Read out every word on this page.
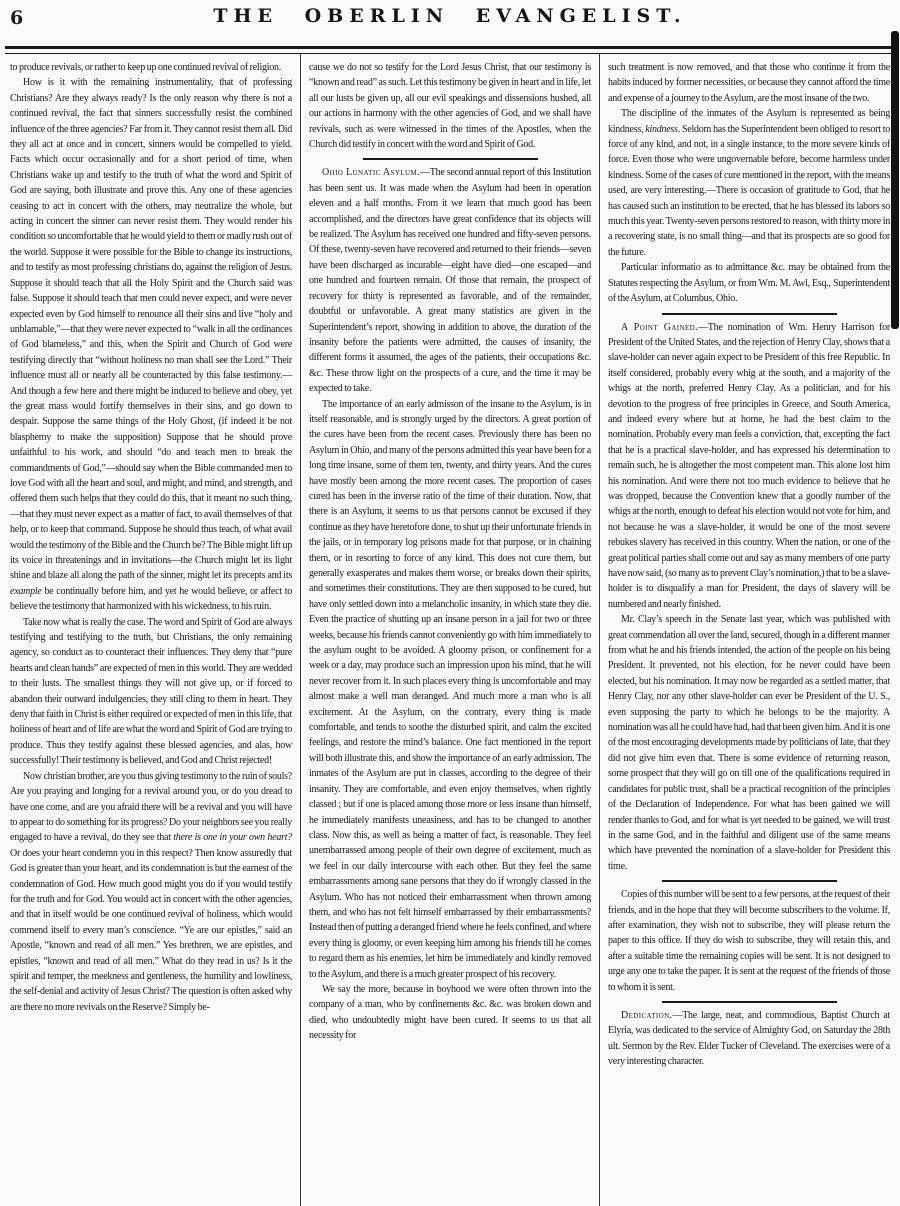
6	THE OBERLIN EVANGELIST.

to produce revivals, or rather to keep up one continued revival of religion.

How is it with the remaining instrumentality, that of professing Christians? Are they always ready? Is the only reason why there is not a continued revival, the fact that sinners successfully resist the combined influence of the three agencies? Far from it. They cannot resist them all. Did they all act at once and in concert, sinners would be compelled to yield. Facts which occur occasionally and for a short period of time, when Christians wake up and testify to the truth of what the word and Spirit of God are saying, both illustrate and prove this. Any one of these agencies ceasing to act in concert with the others, may neutralize the whole, but acting in concert the sinner can never resist them. They would render his condition so uncomfortable that he would yield to them or madly rush out of the world. Suppose it were possible for the Bible to change its instructions, and to testify as most professing christians do, against the religion of Jesus. Suppose it should teach that all the Holy Spirit and the Church said was false. Suppose it should teach that men could never expect, and were never expected even by God himself to renounce all their sins and live “holy and unblamable,”—that they were never expected to “walk in all the ordinances of God blameless,” and this, when the Spirit and Church of God were testifying directly that “without holiness no man shall see the Lord.” Their influence must all or nearly all be counteracted by this false testimony.—And though a few here and there might be induced to believe and obey, yet the great mass would fortify themselves in their sins, and go down to despair. Suppose the same things of the Holy Ghost, (if indeed it be not blasphemy to make the supposition) Suppose that he should prove unfaithful to his work, and should “do and teach men to break the commandments of God,”—should say when the Bible commanded men to love God with all the heart and soul, and might, and mind, and strength, and offered them such helps that they could do this, that it meant no such thing,—that they must never expect as a matter of fact, to avail themselves of that help, or to keep that command. Suppose he should thus teach, of what avail would the testimony of the Bible and the Church be? The Bible might lift up its voice in threatenings and in invitations—the Church might let its light shine and blaze all along the path of the sinner, might let its precepts and its example be continually before him, and yet he would believe, or affect to believe the testimony that harmonized with his wickedness, to his ruin.

Take now what is really the case. The word and Spirit of God are always testifying and testifying to the truth, but Christians, the only remaining agency, so conduct as to counteract their influences. They deny that “pure hearts and clean hands” are expected of men in this world. They are wedded to their lusts. The smallest things they will not give up, or if forced to abandon their outward indulgencies, they still cling to them in heart. They deny that faith in Christ is either required or expected of men in this life, that holiness of heart and of life are what the word and Spirit of God are trying to produce. Thus they testify against these blessed agencies, and alas, how successfully! Their testimony is believed, and God and Christ rejected!

Now christian brother, are you thus giving testimony to the ruin of souls? Are you praying and longing for a revival around you, or do you dread to have one come, and are you afraid there will be a revival and you will have to appear to do something for its progress? Do your neighbors see you really engaged to have a revival, do they see that there is one in your own heart? Or does your heart condemn you in this respect? Then know assuredly that God is greater than your heart, and its condemnation is but the earnest of the condemnation of God. How much good might you do if you would testify for the truth and for God. You would act in concert with the other agencies, and that in itself would be one continued revival of holiness, which would commend itself to every man’s conscience. “Ye are our epistles,” said an Apostle, “known and read of all men.” Yes brethren, we are epistles, and epistles, “known and read of all men.” What do they read in us? Is it the spirit and temper, the meekness and gentleness, the humility and lowliness, the self-denial and activity of Jesus Christ? The question is often asked why are there no more revivals on the Reserve? Simply be-

cause we do not so testify for the Lord Jesus Christ, that our testimony is “known and read” as such. Let this testimony be given in heart and in life, let all our lusts be given up, all our evil speakings and dissensions hushed, all our actions in harmony with the other agencies of God, and we shall have revivals, such as were witnessed in the times of the Apostles, when the Church did testify in concert with the word and Spirit of God.

Ohio Lunatic Asylum.—The second annual report of this Institution has been sent us. It was made when the Asylum had been in operation eleven and a half months. From it we learn that much good has been accomplished, and the directors have great confidence that its objects will be realized. The Asylum has received one hundred and fifty-seven persons. Of these, twenty-seven have recovered and returned to their friends—seven have been discharged as incurable—eight have died—one escaped—and one hundred and fourteen remain. Of those that remain, the prospect of recovery for thirty is represented as favorable, and of the remainder, doubtful or unfavorable. A great many statistics are given in the Superintendent’s report, showing in addition to above, the duration of the insanity before the patients were admitted, the causes of insanity, the different forms it assumed, the ages of the patients, their occupations &c. &c. These throw light on the prospects of a cure, and the time it may be expected to take.

The importance of an early admisson of the insane to the Asylum, is in itself reasonable, and is strongly urged by the directors. A great portion of the cures have been from the recent cases. Previously there has been no Asylum in Ohio, and many of the persons admitted this year have been for a long time insane, some of them ten, twenty, and thirty years. And the cures have mostly been among the more recent cases. The proportion of cases cured has been in the inverse ratio of the time of their duration. Now, that there is an Asylum, it seems to us that persons cannot be excused if they continue as they have heretofore done, to shut up their unfortunate friends in the jails, or in temporary log prisons made for that purpose, or in chaining them, or in resorting to force of any kind. This does not cure them, but generally exasperates and makes them worse, or breaks down their spirits, and sometimes their constitutions. They are then supposed to be cured, but have only settled down into a melancholic insanity, in which state they die. Even the practice of shutting up an insane person in a jail for two or three weeks, because his friends cannot conveniently go with him immediately to the asylum ought to be avoided. A gloomy prison, or confinement for a week or a day, may produce such an impression upon his mind, that he will never recover from it. In such places every thing is uncomfortable and may almost make a well man deranged. And much more a man who is all excitement. At the Asylum, on the contrary, every thing is made comfortable, and tends to soothe the disturbed spirit, and calm the excited feelings, and restore the mind’s balance. One fact mentioned in the report will both illustrate this, and show the importance of an early admission. The inmates of the Asylum are put in classes, according to the degree of their insanity. They are comfortable, and even enjoy themselves, when rightly classed ; but if one is placed among those more or less insane than himself, he immediately manifests uneasiness, and has to be changed to another class. Now this, as well as being a matter of fact, is reasonable. They feel unembarrassed among people of their own degree of excitement, much as we feel in our daily intercourse with each other. But they feel the same embarrassments among sane persons that they do if wrongly classed in the Asylum. Who has not noticed their embarrassment when thrown among them, and who has not felt himself embarrassed by their embarrassments? Instead then of putting a deranged friend where he feels confined, and where every thing is gloomy, or even keeping him among his friends till he comes to regard them as his enemies, let him be immediately and kindly removed to the Asylum, and there is a much greater prospect of his recovery.

We say the more, because in boyhood we were often thrown into the company of a man, who by confinements &c. &c. was broken down and died, who undoubtedly might have been cured. It seems to us that all necessity for

such treatment is now removed, and that those who continue it from the habits induced by former necessities, or because they cannot afford the time and expense of a journey to the Asylum, are the most insane of the two.

The discipline of the inmates of the Asylum is represented as being kindness, kindness. Seldom has the Superintendent been obliged to resort to force of any kind, and not, in a single instance, to the more severe kinds of force. Even those who were ungovernable before, become harmless under kindness. Some of the cases of cure mentioned in the report, with the means used, are very interesting.—There is occasion of gratitude to God, that he has caused such an institution to be erected, that he has blessed its labors so much this year. Twenty-seven persons restored to reason, with thirty more in a recovering state, is no small thing—and that its prospects are so good for the future.

Particular informatio as to admittance &c. may be obtained from the Statutes respecting the Asylum, or from Wm. M. Awl, Esq., Superintendent of the Asylum, at Columbus, Ohio.

A Point Gained.—The nomination of Wm. Henry Harrison for President of the United States, and the rejection of Henry Clay, shows that a slave-holder can never again expect to be President of this free Republic. In itself considered, probably every whig at the south, and a majority of the whigs at the north, preferred Henry Clay. As a politician, and for his devotion to the progress of free principles in Greece, and South America, and indeed every where but at home, he had the best claim to the nomination. Probably every man feels a conviction, that, excepting the fact that he is a practical slave-holder, and has expressed his determination to remain such, he is altogether the most competent man. This alone lost him his nomination. And were there not too much evidence to believe that he was dropped, because the Convention knew that a goodly number of the whigs at the north, enough to defeat his election would not vote for him, and not because he was a slave-holder, it would be one of the most severe rebukes slavery has received in this country. When the nation, or one of the great political parties shall come out and say as many members of one party have now said, (so many as to prevent Clay’s nomination,) that to be a slave-holder is to disqualify a man for President, the days of slavery will be numbered and nearly finished.

Mr. Clay’s speech in the Senate last year, which was published with great commendation all over the land, secured, though in a different manner from what he and his friends intended, the action of the people on his being President. It prevented, not his election, for he never could have been elected, but his nomination. It may now be regarded as a settled matter, that Henry Clay, nor any other slave-holder can ever be President of the U. S., even supposing the party to which he belongs to be the majority. A nomination was all he could have had, had that been given him. And it is one of the most encouraging developments made by politicians of late, that they did not give him even that. There is some evidence of returning reason, some prospect that they will go on till one of the qualifications required in candidates for public trust, shall be a practical recognition of the principles of the Declaration of Independence. For what has been gained we will render thanks to God, and for what is yet needed to be gained, we will trust in the same God, and in the faithful and diligent use of the same means which have prevented the nomination of a slave-holder for President this time.

Copies of this number will be sent to a few persons, at the request of their friends, and in the hope that they will become subscribers to the volume. If, after examination, they wish not to subscribe, they will please return the paper to this office. If they do wish to subscribe, they will retain this, and after a suitable time the remaining copies will be sent. It is not designed to urge any one to take the paper. It is sent at the request of the friends of those to whom it is sent.

Dedication.—The large, neat, and commodious, Baptist Church at Elyria, was dedicated to the service of Almighty God, on Saturday the 28th ult. Sermon by the Rev. Elder Tucker of Cleveland. The exercises were of a very interesting character.
